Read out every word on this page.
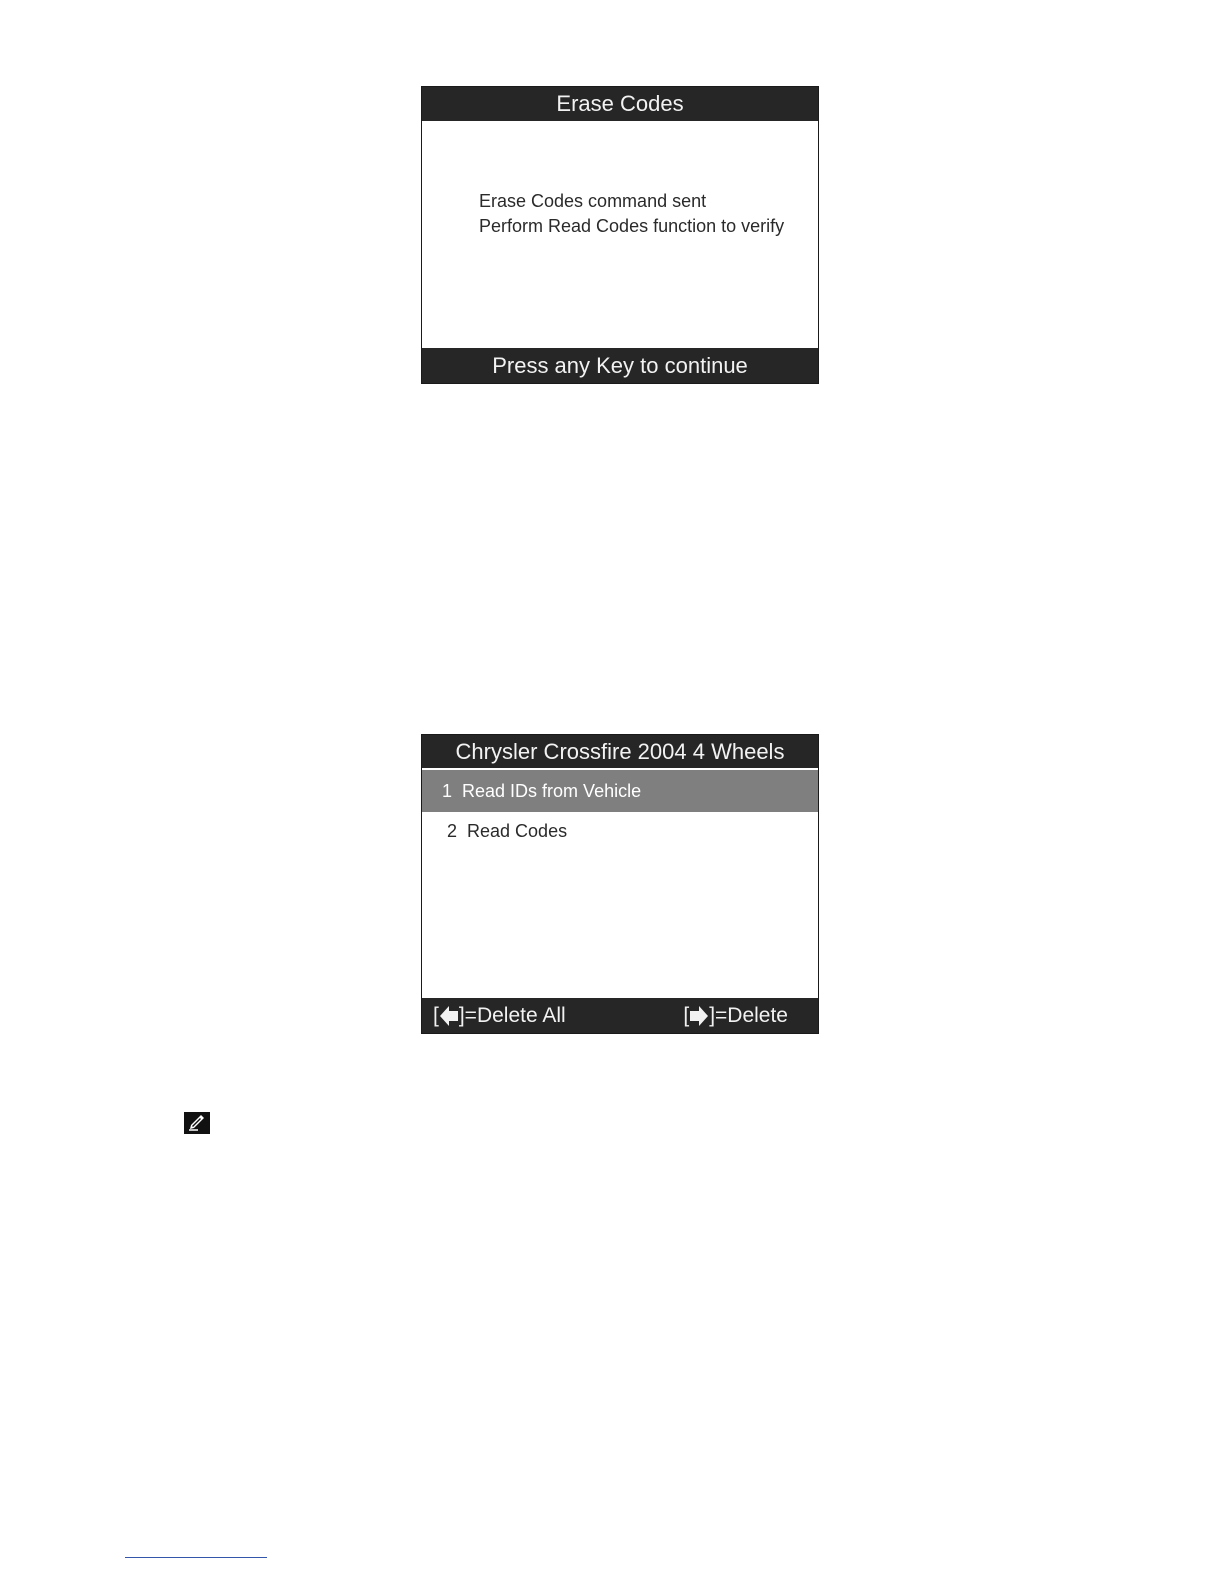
Erase Codes
Erase Codes command sent
Perform Read Codes function to verify
Press any Key to continue
Chrysler Crossfire 2004 4 Wheels
1 Read IDs from Vehicle
2 Read Codes
[ ]=Delete All	[ ]=Delete
